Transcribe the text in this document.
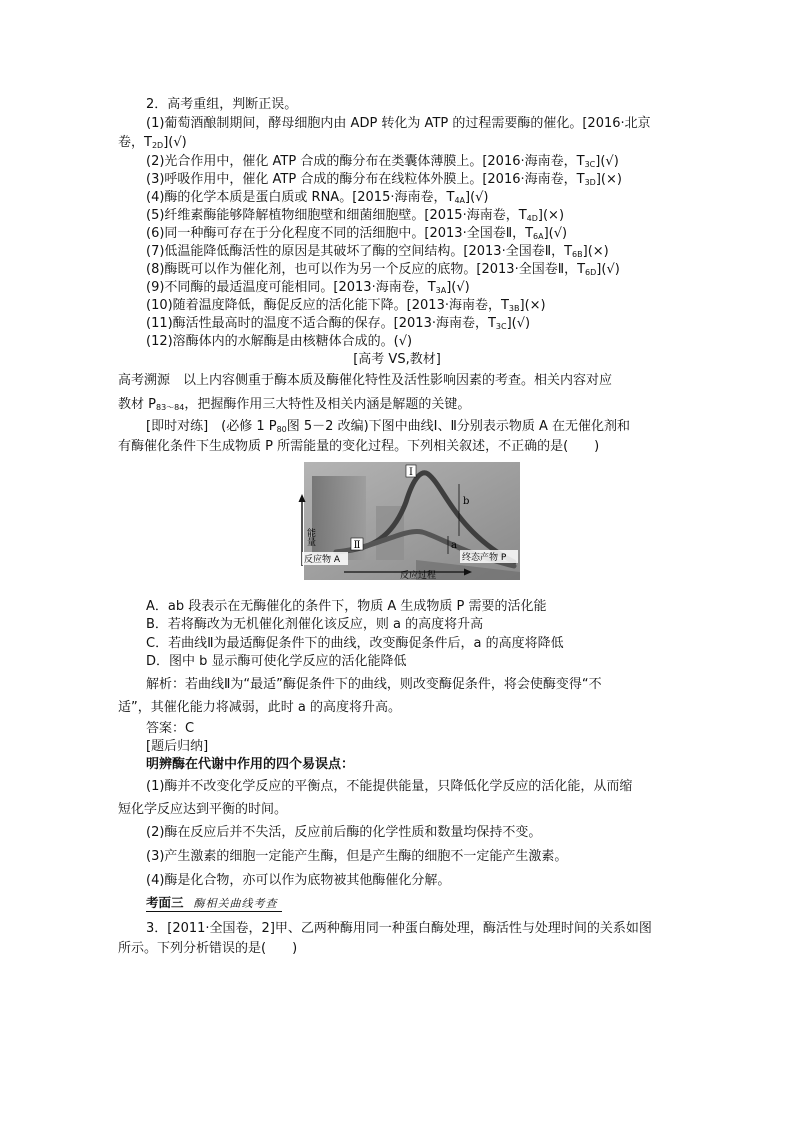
2．高考重组，判断正误。
(1)葡萄酒酿制期间，酵母细胞内由 ADP 转化为 ATP 的过程需要酶的催化。[2016·北京
卷，$T_{2D}](√)$
(2)光合作用中，催化 ATP 合成的酶分布在类囊体薄膜上。[2016·海南卷，$T_{3C}](√)$
(3)呼吸作用中，催化 ATP 合成的酶分布在线粒体外膜上。[2016·海南卷，$T_{3D}](\times)$
(4)酶的化学本质是蛋白质或 RNA。[2015·海南卷，$T_{4A}](√)$
(5)纤维素酶能够降解植物细胞壁和细菌细胞壁。[2015·海南卷，$T_{4D}](\times)$
(6)同一种酶可存在于分化程度不同的活细胞中。[2013·全国卷Ⅱ，$T_{6A}](√)$
(7)低温能降低酶活性的原因是其破坏了酶的空间结构。[2013·全国卷Ⅱ，$T_{6B}](\times)$
(8)酶既可以作为催化剂，也可以作为另一个反应的底物。[2013·全国卷Ⅱ，$T_{6D}](√)$
(9)不同酶的最适温度可能相同。[2013·海南卷，$T_{3A}](√)$
(10)随着温度降低，酶促反应的活化能下降。[2013·海南卷，$T_{3B}](\times)$
(11)酶活性最高时的温度不适合酶的保存。[2013·海南卷，$T_{3C}](√)$
(12)溶酶体内的水解酶是由核糖体合成的。(√)
[高考 VS,教材]
高考溯源　以上内容侧重于酶本质及酶催化特性及活性影响因素的考查。相关内容对应
教材 $P_{83\sim 84}$，把握酶作用三大特性及相关内涵是解题的关键。
[即时对练]　(必修 1 $P_{80}$图 5－2 改编)下图中曲线Ⅰ、Ⅱ分别表示物质 A 在无催化剂和
有酶催化条件下生成物质 P 所需能量的变化过程。下列相关叙述，不正确的是(　　)
Ⅰ
Ⅱ
b
a
能量
反应物 A	终态产物 P
反应过程
A．ab 段表示在无酶催化的条件下，物质 A 生成物质 P 需要的活化能
B．若将酶改为无机催化剂催化该反应，则 a 的高度将升高
C．若曲线Ⅱ为最适酶促条件下的曲线，改变酶促条件后，a 的高度将降低
D．图中 b 显示酶可使化学反应的活化能降低
解析：若曲线Ⅱ为“最适”酶促条件下的曲线，则改变酶促条件，将会使酶变得“不
适”，其催化能力将减弱，此时 a 的高度将升高。
答案：C
[题后归纳]
明辨酶在代谢中作用的四个易误点：
(1)酶并不改变化学反应的平衡点，不能提供能量，只降低化学反应的活化能，从而缩
短化学反应达到平衡的时间。
(2)酶在反应后并不失活，反应前后酶的化学性质和数量均保持不变。
(3)产生激素的细胞一定能产生酶，但是产生酶的细胞不一定能产生激素。
(4)酶是化合物，亦可以作为底物被其他酶催化分解。
考面三 酶相关曲线考查
3．[2011·全国卷，2]甲、乙两种酶用同一种蛋白酶处理，酶活性与处理时间的关系如图
所示。下列分析错误的是(　　)
